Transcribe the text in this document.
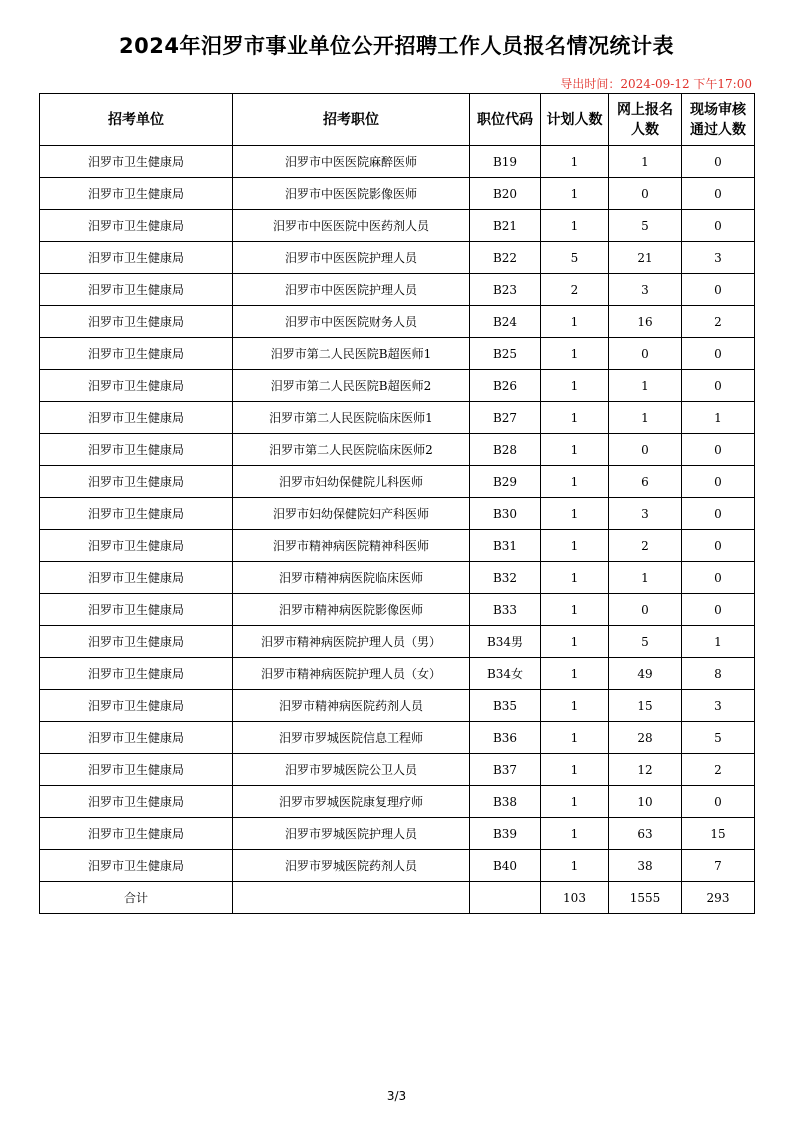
2024年汨罗市事业单位公开招聘工作人员报名情况统计表
导出时间：2024-09-12 下午17:00
招考单位	招考职位	职位代码	计划人数	网上报名人数	现场审核通过人数
汨罗市卫生健康局	汨罗市中医医院麻醉医师	B19	1	1	0
汨罗市卫生健康局	汨罗市中医医院影像医师	B20	1	0	0
汨罗市卫生健康局	汨罗市中医医院中医药剂人员	B21	1	5	0
汨罗市卫生健康局	汨罗市中医医院护理人员	B22	5	21	3
汨罗市卫生健康局	汨罗市中医医院护理人员	B23	2	3	0
汨罗市卫生健康局	汨罗市中医医院财务人员	B24	1	16	2
汨罗市卫生健康局	汨罗市第二人民医院B超医师1	B25	1	0	0
汨罗市卫生健康局	汨罗市第二人民医院B超医师2	B26	1	1	0
汨罗市卫生健康局	汨罗市第二人民医院临床医师1	B27	1	1	1
汨罗市卫生健康局	汨罗市第二人民医院临床医师2	B28	1	0	0
汨罗市卫生健康局	汨罗市妇幼保健院儿科医师	B29	1	6	0
汨罗市卫生健康局	汨罗市妇幼保健院妇产科医师	B30	1	3	0
汨罗市卫生健康局	汨罗市精神病医院精神科医师	B31	1	2	0
汨罗市卫生健康局	汨罗市精神病医院临床医师	B32	1	1	0
汨罗市卫生健康局	汨罗市精神病医院影像医师	B33	1	0	0
汨罗市卫生健康局	汨罗市精神病医院护理人员（男）	B34男	1	5	1
汨罗市卫生健康局	汨罗市精神病医院护理人员（女）	B34女	1	49	8
汨罗市卫生健康局	汨罗市精神病医院药剂人员	B35	1	15	3
汨罗市卫生健康局	汨罗市罗城医院信息工程师	B36	1	28	5
汨罗市卫生健康局	汨罗市罗城医院公卫人员	B37	1	12	2
汨罗市卫生健康局	汨罗市罗城医院康复理疗师	B38	1	10	0
汨罗市卫生健康局	汨罗市罗城医院护理人员	B39	1	63	15
汨罗市卫生健康局	汨罗市罗城医院药剂人员	B40	1	38	7
合计			103	1555	293
3/3
